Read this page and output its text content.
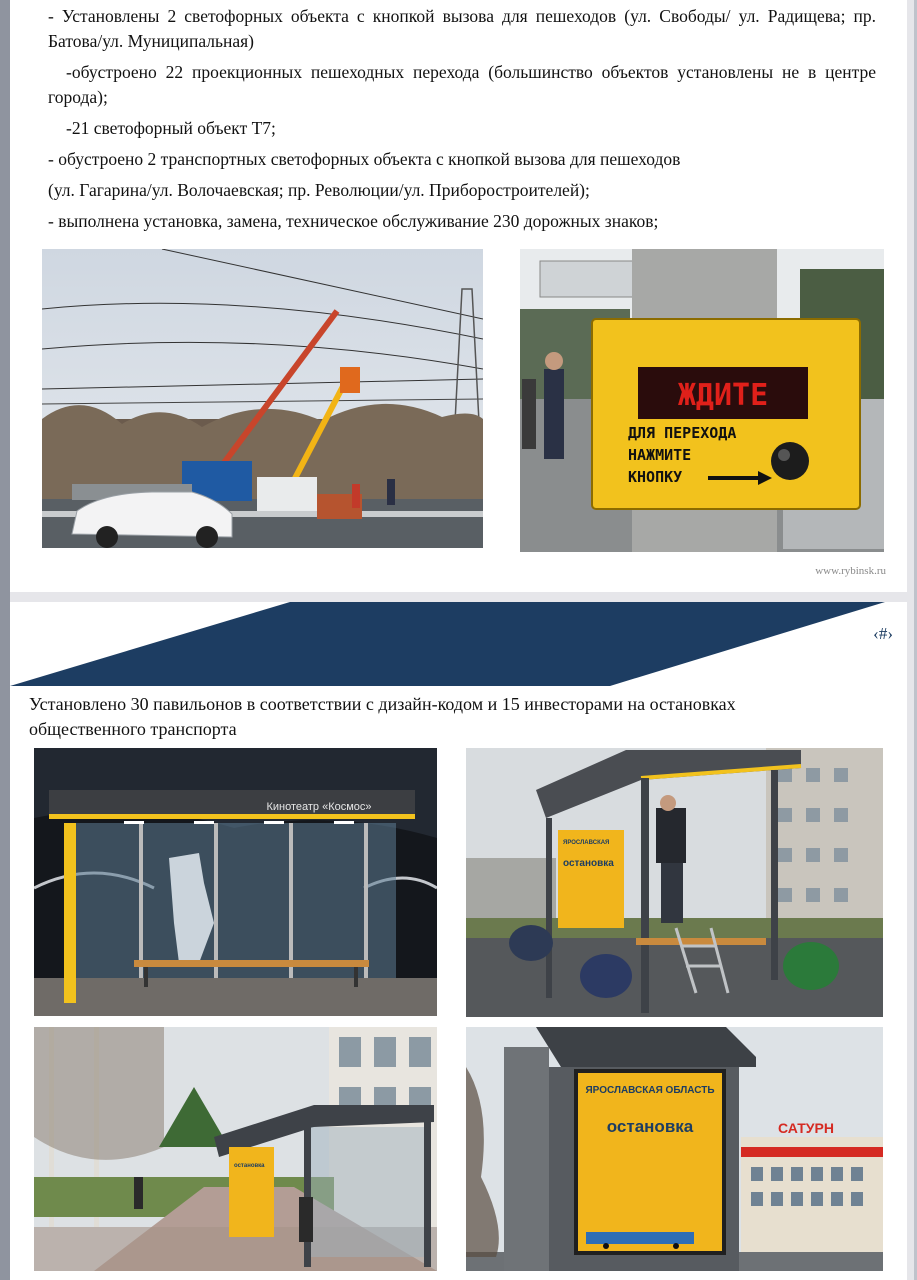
- Установлены 2 светофорных объекта с кнопкой вызова для пешеходов (ул. Свободы/ ул. Радищева; пр. Батова/ул. Муниципальная)

-обустроено 22 проекционных пешеходных перехода (большинство объектов установлены не в центре города);

-21 светофорный объект Т7;

- обустроено 2 транспортных светофорных объекта с кнопкой вызова для пешеходов

(ул. Гагарина/ул. Волочаевская; пр. Революции/ул. Приборостроителей);

- выполнена установка, замена, техническое обслуживание 230 дорожных знаков;

ЖДИТЕ
ДЛЯ ПЕРЕХОДА
НАЖМИТЕ
КНОПКУ
www.rybinsk.ru
‹#›

Установлено 30 павильонов в соответствии с дизайн-кодом и 15 инвесторами на остановках

общественного транспорта

Кинотеатр «Космос»
ЯРОСЛАВСКАЯ
остановка
остановка
САТУРН
ЯРОСЛАВСКАЯ ОБЛАСТЬ
остановка
